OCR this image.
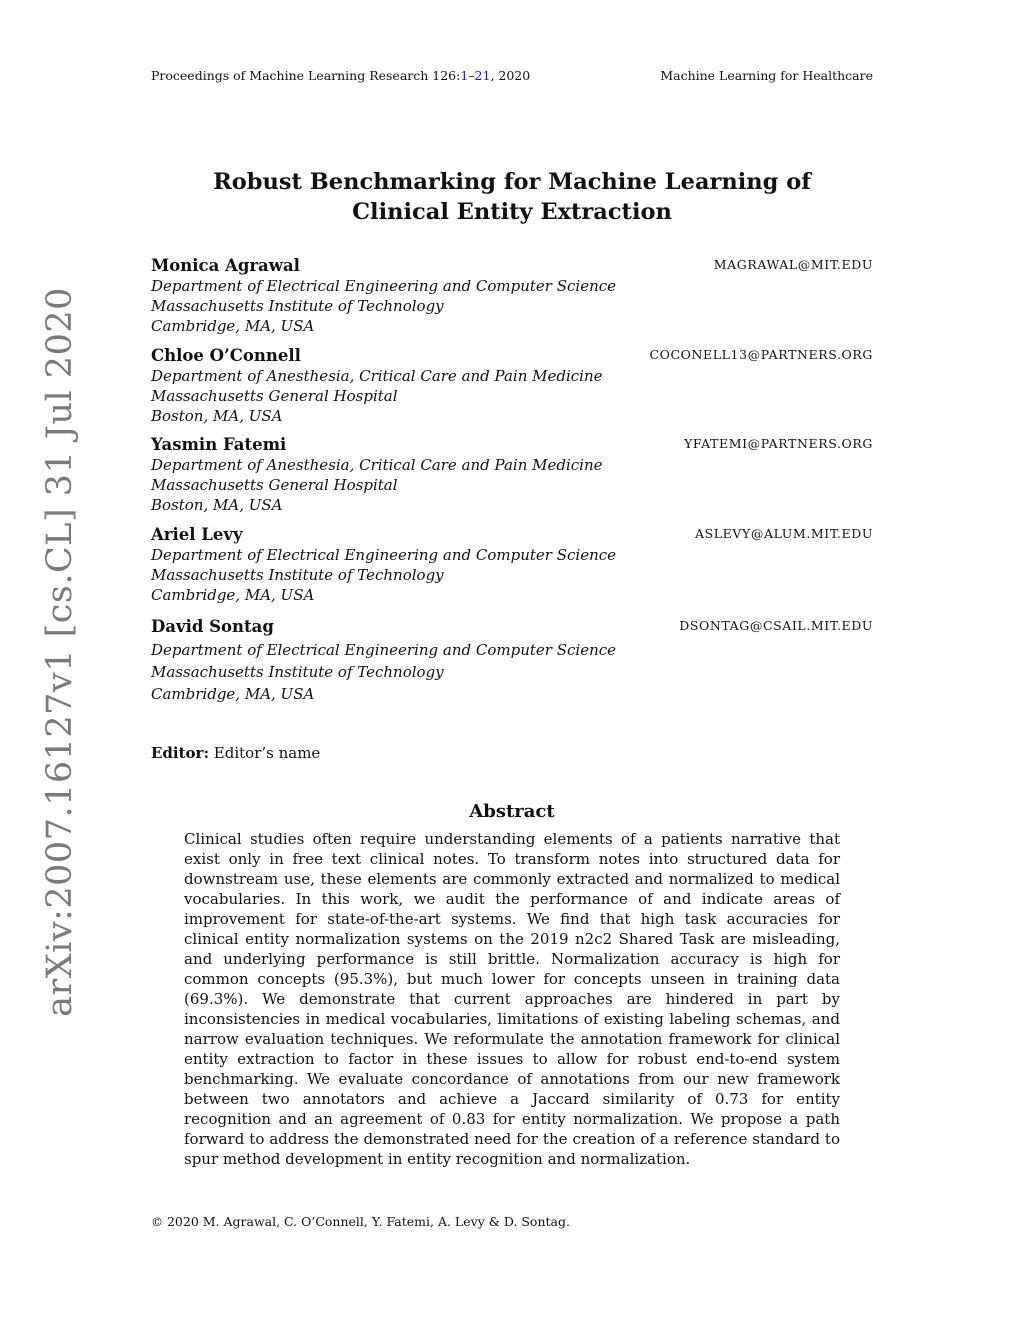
Proceedings of Machine Learning Research 126:1–21, 2020	Machine Learning for Healthcare
arXiv:2007.16127v1 [cs.CL] 31 Jul 2020
Robust Benchmarking for Machine Learning of
Clinical Entity Extraction
Monica Agrawal	MAGRAWAL@MIT.EDU
Department of Electrical Engineering and Computer Science
Massachusetts Institute of Technology
Cambridge, MA, USA
Chloe O’Connell	COCONELL13@PARTNERS.ORG
Department of Anesthesia, Critical Care and Pain Medicine
Massachusetts General Hospital
Boston, MA, USA
Yasmin Fatemi	YFATEMI@PARTNERS.ORG
Department of Anesthesia, Critical Care and Pain Medicine
Massachusetts General Hospital
Boston, MA, USA
Ariel Levy	ASLEVY@ALUM.MIT.EDU
Department of Electrical Engineering and Computer Science
Massachusetts Institute of Technology
Cambridge, MA, USA
David Sontag	DSONTAG@CSAIL.MIT.EDU
Department of Electrical Engineering and Computer Science
Massachusetts Institute of Technology
Cambridge, MA, USA
Editor: Editor’s name
Abstract
Clinical studies often require understanding elements of a patients narrative that exist only in free text clinical notes. To transform notes into structured data for downstream use, these elements are commonly extracted and normalized to medical vocabularies. In this work, we audit the performance of and indicate areas of improvement for state-of-the-art systems. We find that high task accuracies for clinical entity normalization systems on the 2019 n2c2 Shared Task are misleading, and underlying performance is still brittle. Normalization accuracy is high for common concepts (95.3%), but much lower for concepts unseen in training data (69.3%). We demonstrate that current approaches are hindered in part by inconsistencies in medical vocabularies, limitations of existing labeling schemas, and narrow evaluation techniques. We reformulate the annotation framework for clinical entity extraction to factor in these issues to allow for robust end-to-end system benchmarking. We evaluate concordance of annotations from our new framework between two annotators and achieve a Jaccard similarity of 0.73 for entity recognition and an agreement of 0.83 for entity normalization. We propose a path forward to address the demonstrated need for the creation of a reference standard to spur method development in entity recognition and normalization.
© 2020 M. Agrawal, C. O’Connell, Y. Fatemi, A. Levy & D. Sontag.
